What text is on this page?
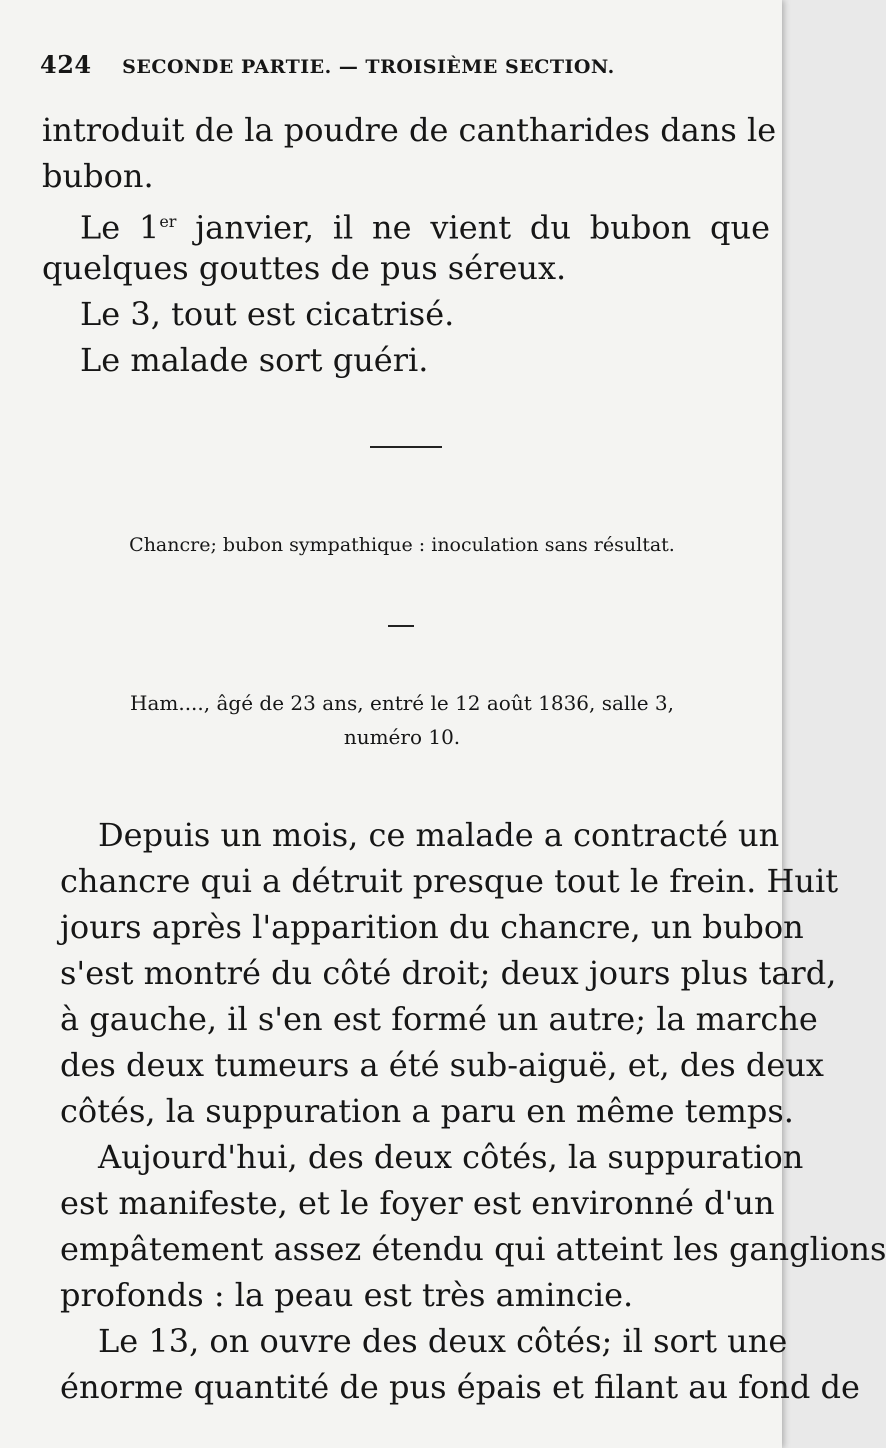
424 SECONDE PARTIE. — TROISIÈME SECTION.
introduit de la poudre de cantharides dans le
bubon.
Le 1er janvier, il ne vient du bubon que
quelques gouttes de pus séreux.
Le 3, tout est cicatrisé.
Le malade sort guéri.
Chancre; bubon sympathique : inoculation sans résultat.
Ham...., âgé de 23 ans, entré le 12 août 1836, salle 3,
numéro 10.
Depuis un mois, ce malade a contracté un
chancre qui a détruit presque tout le frein. Huit
jours après l'apparition du chancre, un bubon
s'est montré du côté droit; deux jours plus tard,
à gauche, il s'en est formé un autre; la marche
des deux tumeurs a été sub-aiguë, et, des deux
côtés, la suppuration a paru en même temps.
Aujourd'hui, des deux côtés, la suppuration
est manifeste, et le foyer est environné d'un
empâtement assez étendu qui atteint les ganglions
profonds : la peau est très amincie.
Le 13, on ouvre des deux côtés; il sort une
énorme quantité de pus épais et filant au fond de
